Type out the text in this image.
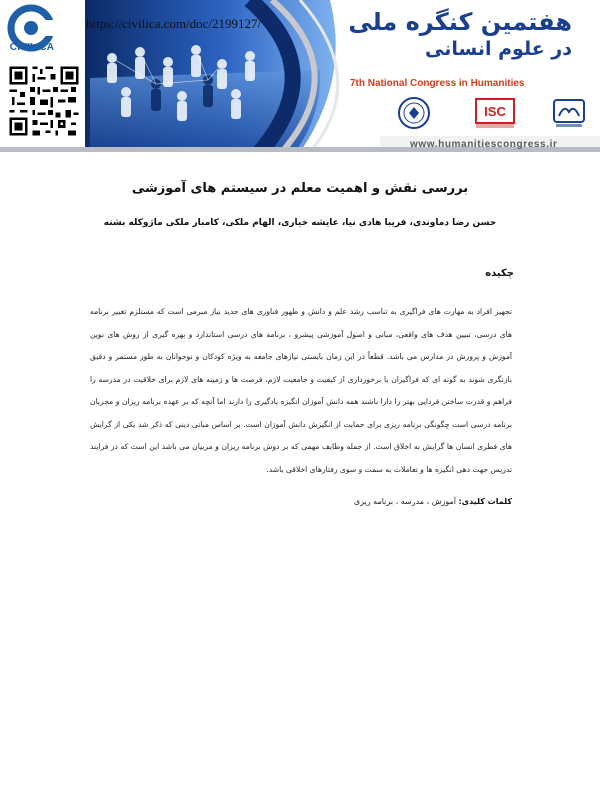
CIVILICA
https://civilica.com/doc/2199127/	هفتمین کنگره ملی
در علوم انسانی
7th National Congress in Humanities
ISC
www.humanitiescongress.ir
بررسی نقش و اهمیت معلم در سیستم های آموزشی
حسن رضا دماوندی، فریبا هادی نیا، عایشه خیاری، الهام ملکی، کامبار ملکی ماژوکله بشته
چکیده
تجهیز افراد به مهارت های فراگیری به تناسب رشد علم و دانش و ظهور فناوری های جدید نیاز مبرمی است که مستلزم تغییر برنامه های درسی، تبیین هدف های واقعی، مبانی و اصول آموزشی پیشرو ، برنامه های درسی استاندارد و بهره گیری از روش های نوین آموزش و پرورش در مدارس می باشد. قطعاً در این زمان بایستی نیازهای جامعه به ویژه کودکان و نوجوانان به طور مستمر و دقیق بازنگری شوند به گونه ای که فراگیران با برخورداری از کیفیت و جامعیت لازم، فرصت ها و زمینه های لازم برای خلاقیت در مدرسه را فراهم و قدرت ساختن فردایی بهتر را دارا باشند همه دانش آموزان انگیزه یادگیری را دارند اما آنچه که بر عهده برنامه ریزان و مجریان برنامه درسی است چگونگی برنامه ریزی برای حمایت از انگیزش دانش آموزان است. بر اساس مبانی دینی که ذکر شد یکی از گرایش های فطری انسان ها گرایش به اخلاق است. از جمله وظایف مهمی که بر دوش برنامه ریزان و مربیان می باشد این است که در فرایند تدریس جهت دهی انگیزه ها و تعاملات به سمت و سوی رفتارهای اخلاقی باشد.
کلمات کلیدی: آموزش ، مدرسه ، برنامه ریزی
